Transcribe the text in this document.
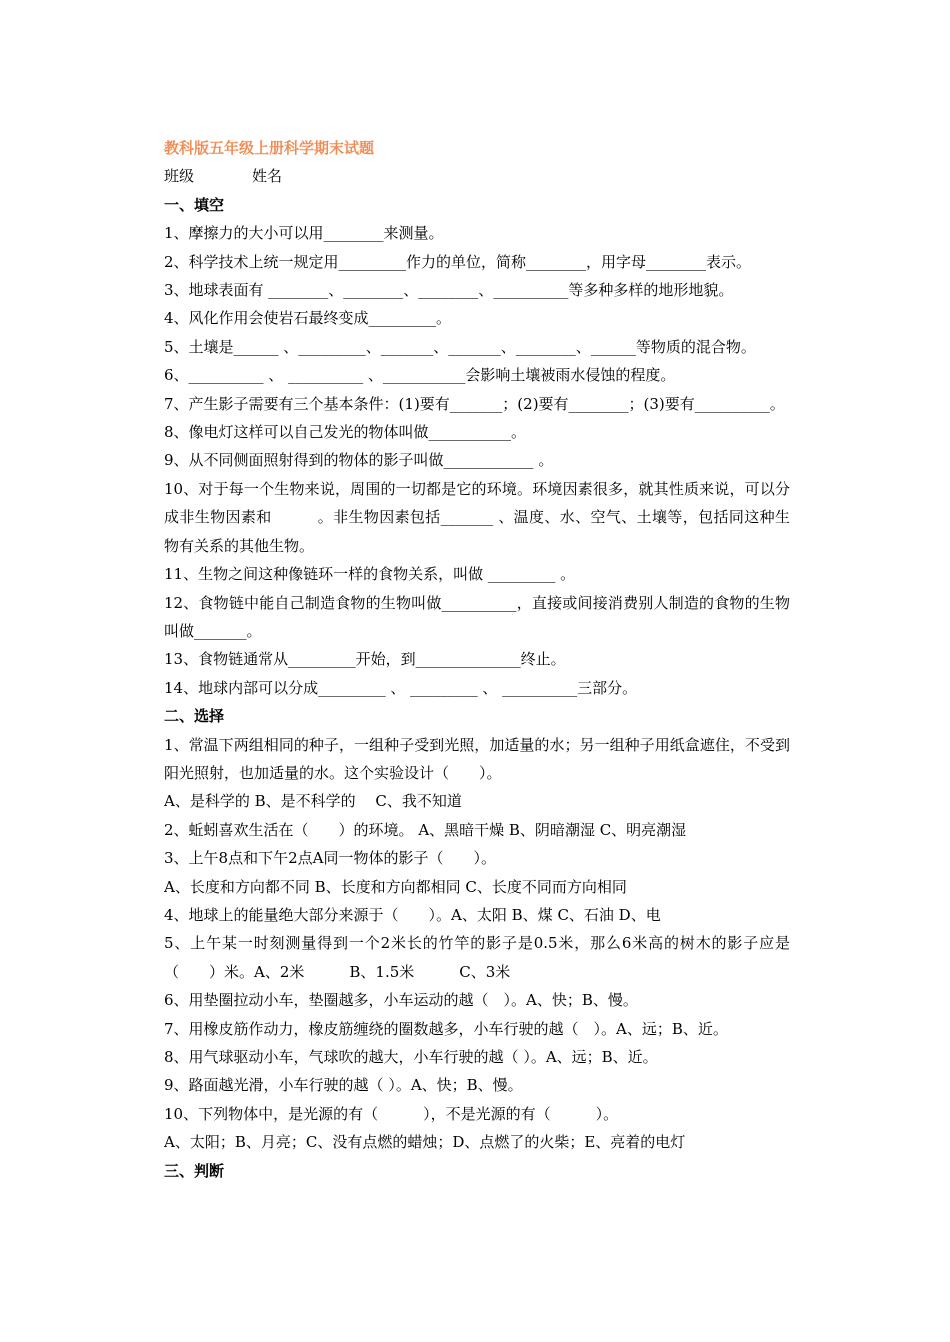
教科版五年级上册科学期末试题
班级	姓名
一、填空
1、摩擦力的大小可以用________来测量。
2、科学技术上统一规定用_________作力的单位，简称________，用字母________表示。
3、地球表面有 ________、________、________、__________等多种多样的地形地貌。
4、风化作用会使岩石最终变成_________。
5、土壤是______ 、_________、_______、_______、________、______等物质的混合物。
6、__________ 、 __________ 、___________会影响土壤被雨水侵蚀的程度。
7、产生影子需要有三个基本条件：(1)要有_______；(2)要有________；(3)要有__________。
8、像电灯这样可以自己发光的物体叫做___________。
9、从不同侧面照射得到的物体的影子叫做____________ 。
10、对于每一个生物来说，周围的一切都是它的环境。环境因素很多，就其性质来说，可以分成非生物因素和　　　。非生物因素包括_______ 、温度、水、空气、土壤等，包括同这种生物有关系的其他生物。
11、生物之间这种像链环一样的食物关系，叫做 _________ 。
12、食物链中能自己制造食物的生物叫做__________，直接或间接消费别人制造的食物的生物叫做_______。
13、食物链通常从_________开始，到______________终止。
14、地球内部可以分成_________ 、 _________ 、 __________三部分。
二、选择
1、常温下两组相同的种子，一组种子受到光照，加适量的水；另一组种子用纸盒遮住，不受到阳光照射，也加适量的水。这个实验设计（　　）。
A、是科学的 B、是不科学的　 C、我不知道
2、蚯蚓喜欢生活在（　　）的环境。 A、黑暗干燥 B、阴暗潮湿 C、明亮潮湿
3、上午8点和下午2点A同一物体的影子（　　）。
A、长度和方向都不同 B、长度和方向都相同 C、长度不同而方向相同
4、地球上的能量绝大部分来源于（　　）。A、太阳 B、煤 C、石油 D、电
5、上午某一时刻测量得到一个2米长的竹竿的影子是0.5米，那么6米高的树木的影子应是（　　）米。A、2米　　　B、1.5米　　　C、3米
6、用垫圈拉动小车，垫圈越多，小车运动的越（　）。A、快；B、慢。
7、用橡皮筋作动力，橡皮筋缠绕的圈数越多，小车行驶的越（　）。A、远；B、近。
8、用气球驱动小车，气球吹的越大，小车行驶的越（ ）。A、远；B、近。
9、路面越光滑，小车行驶的越（ ）。A、快；B、慢。
10、下列物体中，是光源的有（　　　），不是光源的有（　　　）。
A、太阳；B、月亮；C、没有点燃的蜡烛；D、点燃了的火柴；E、亮着的电灯
三、判断
